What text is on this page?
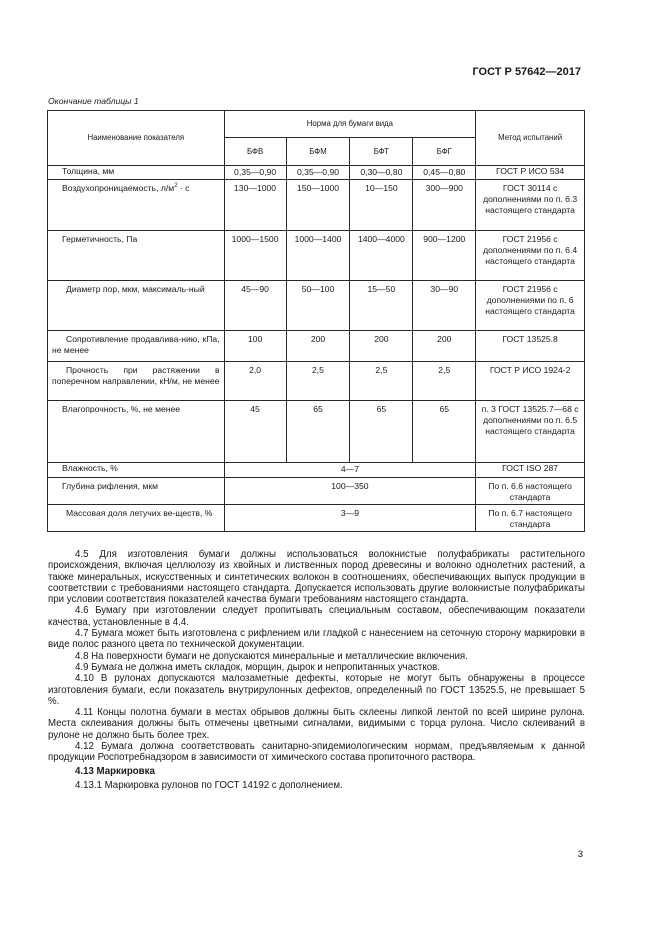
ГОСТ Р 57642—2017
Окончание таблицы 1
Наименование показателя	Норма для бумаги вида				Метод испытаний
	БФВ	БФМ	БФТ	БФГ	
Толщина, мм	0,35—0,90	0,35—0,90	0,30—0,80	0,45—0,80	ГОСТ Р ИСО 534
Воздухопроницаемость, $л/м^2 \cdot с$	130—1000	150—1000	10—150	300—900	ГОСТ 30114 с дополнениями по п. 6.3 настоящего стандарта
Герметичность, Па	1000—1500	1000—1400	1400—4000	900—1200	ГОСТ 21956 с дополнениями по п. 6.4 настоящего стандарта
Диаметр пор, мкм, максималь-ный	45—90	50—100	15—50	30—90	ГОСТ 21956 с дополнениями по п. 6 настоящего стандарта
Сопротивление продавлива-нию, кПа, не менее	100	200	200	200	ГОСТ 13525.8
Прочность при растяжении в поперечном направлении, кН/м, не менее	2,0	2,5	2,5	2,5	ГОСТ Р ИСО 1924-2
Влагопрочность, %, не менее	45	65	65	65	п. 3 ГОСТ 13525.7—68 с дополнениями по п. 6.5 настоящего стандарта
Влажность, %	4—7				ГОСТ ISO 287
Глубина рифления, мкм	100—350				По п. 6.6 настоящего стандарта
Массовая доля летучих ве-ществ, %	3—9				По п. 6.7 настоящего стандарта

4.5 Для изготовления бумаги должны использоваться волокнистые полуфабрикаты растительного происхождения, включая целлюлозу из хвойных и лиственных пород древесины и волокно однолетних растений, а также минеральных, искусственных и синтетических волокон в соотношениях, обеспечивающих выпуск продукции в соответствии с требованиями настоящего стандарта. Допускается использовать другие волокнистые полуфабрикаты при условии соответствия показателей качества бумаги требованиям настоящего стандарта.

4.6 Бумагу при изготовлении следует пропитывать специальным составом, обеспечивающим показатели качества, установленные в 4.4.

4.7 Бумага может быть изготовлена с рифлением или гладкой с нанесением на сеточную сторону маркировки в виде полос разного цвета по технической документации.

4.8 На поверхности бумаги не допускаются минеральные и металлические включения.

4.9 Бумага не должна иметь складок, морщин, дырок и непропитанных участков.

4.10 В рулонах допускаются малозаметные дефекты, которые не могут быть обнаружены в процессе изготовления бумаги, если показатель внутрирулонных дефектов, определенный по ГОСТ 13525.5, не превышает 5 %.

4.11 Концы полотна бумаги в местах обрывов должны быть склеены липкой лентой по всей ширине рулона. Места склеивания должны быть отмечены цветными сигналами, видимыми с торца рулона. Число склеиваний в рулоне не должно быть более трех.

4.12 Бумага должна соответствовать санитарно-эпидемиологическим нормам, предъявляемым к данной продукции Роспотребнадзором в зависимости от химического состава пропиточного раствора.

4.13 Маркировка

4.13.1 Маркировка рулонов по ГОСТ 14192 с дополнением.

3
